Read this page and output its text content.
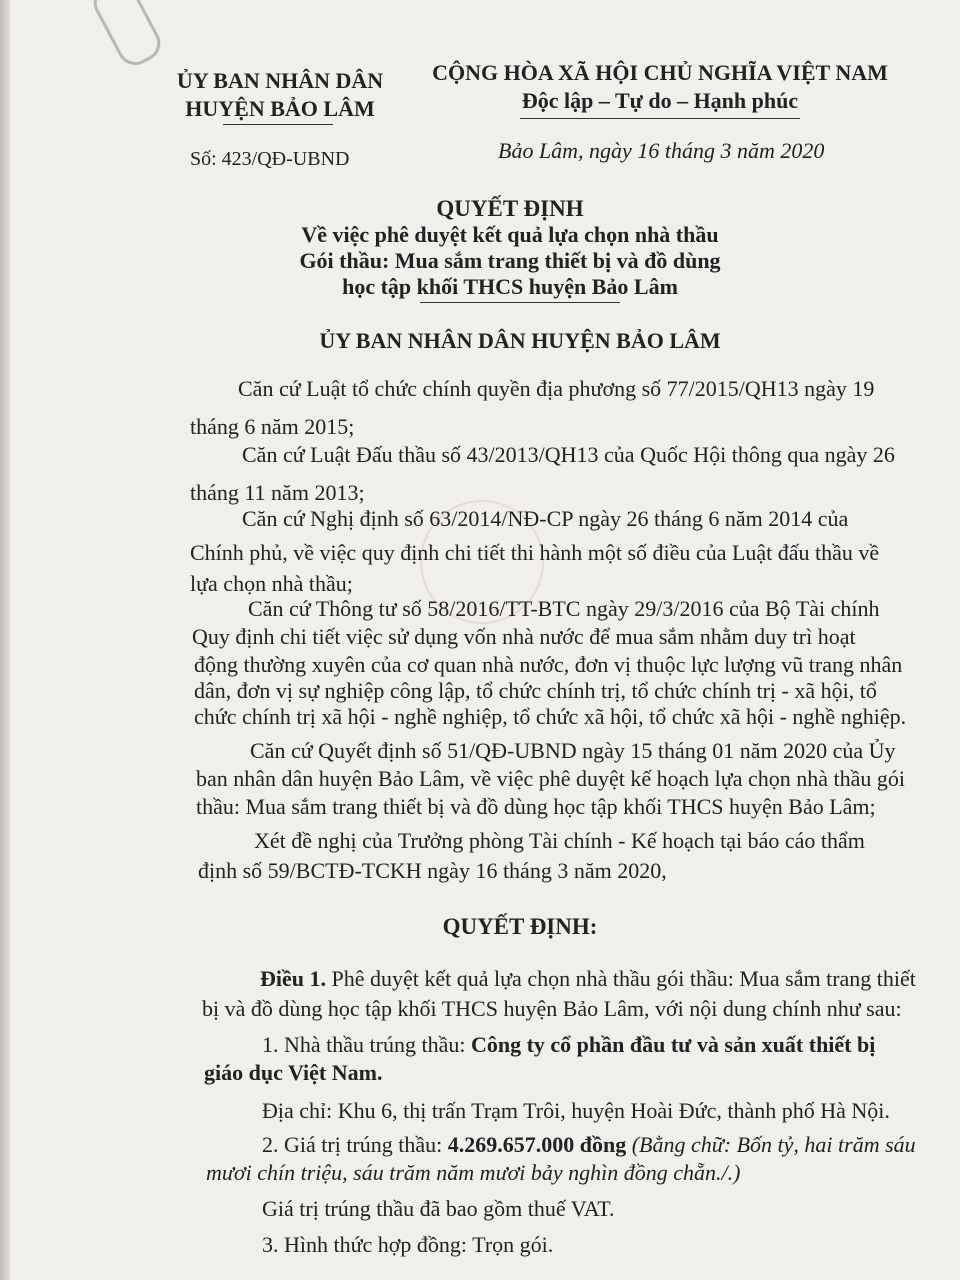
ỦY BAN NHÂN DÂN
HUYỆN BẢO LÂM
Số: 423/QĐ-UBND
CỘNG HÒA XÃ HỘI CHỦ NGHĨA VIỆT NAM
Độc lập – Tự do – Hạnh phúc
Bảo Lâm, ngày 16 tháng 3 năm 2020
QUYẾT ĐỊNH
Về việc phê duyệt kết quả lựa chọn nhà thầu
Gói thầu: Mua sắm trang thiết bị và đồ dùng
học tập khối THCS huyện Bảo Lâm
ỦY BAN NHÂN DÂN HUYỆN BẢO LÂM
Căn cứ Luật tổ chức chính quyền địa phương số 77/2015/QH13 ngày 19
tháng 6 năm 2015;
Căn cứ Luật Đấu thầu số 43/2013/QH13 của Quốc Hội thông qua ngày 26
tháng 11 năm 2013;
Căn cứ Nghị định số 63/2014/NĐ-CP ngày 26 tháng 6 năm 2014 của
Chính phủ, về việc quy định chi tiết thi hành một số điều của Luật đấu thầu về
lựa chọn nhà thầu;
Căn cứ Thông tư số 58/2016/TT-BTC ngày 29/3/2016 của Bộ Tài chính
Quy định chi tiết việc sử dụng vốn nhà nước để mua sắm nhằm duy trì hoạt
động thường xuyên của cơ quan nhà nước, đơn vị thuộc lực lượng vũ trang nhân
dân, đơn vị sự nghiệp công lập, tổ chức chính trị, tổ chức chính trị - xã hội, tổ
chức chính trị xã hội - nghề nghiệp, tổ chức xã hội, tổ chức xã hội - nghề nghiệp.
Căn cứ Quyết định số 51/QĐ-UBND ngày 15 tháng 01 năm 2020 của Ủy
ban nhân dân huyện Bảo Lâm, về việc phê duyệt kế hoạch lựa chọn nhà thầu gói
thầu: Mua sắm trang thiết bị và đồ dùng học tập khối THCS huyện Bảo Lâm;
Xét đề nghị của Trưởng phòng Tài chính - Kế hoạch tại báo cáo thẩm
định số 59/BCTĐ-TCKH ngày 16 tháng 3 năm 2020,
QUYẾT ĐỊNH:
Điều 1. Phê duyệt kết quả lựa chọn nhà thầu gói thầu: Mua sắm trang thiết
bị và đồ dùng học tập khối THCS huyện Bảo Lâm, với nội dung chính như sau:
1. Nhà thầu trúng thầu: Công ty cổ phần đầu tư và sản xuất thiết bị
giáo dục Việt Nam.
Địa chỉ: Khu 6, thị trấn Trạm Trôi, huyện Hoài Đức, thành phố Hà Nội.
2. Giá trị trúng thầu: 4.269.657.000 đồng (Bằng chữ: Bốn tỷ, hai trăm sáu
mươi chín triệu, sáu trăm năm mươi bảy nghìn đồng chẵn./.)
Giá trị trúng thầu đã bao gồm thuế VAT.
3. Hình thức hợp đồng: Trọn gói.
